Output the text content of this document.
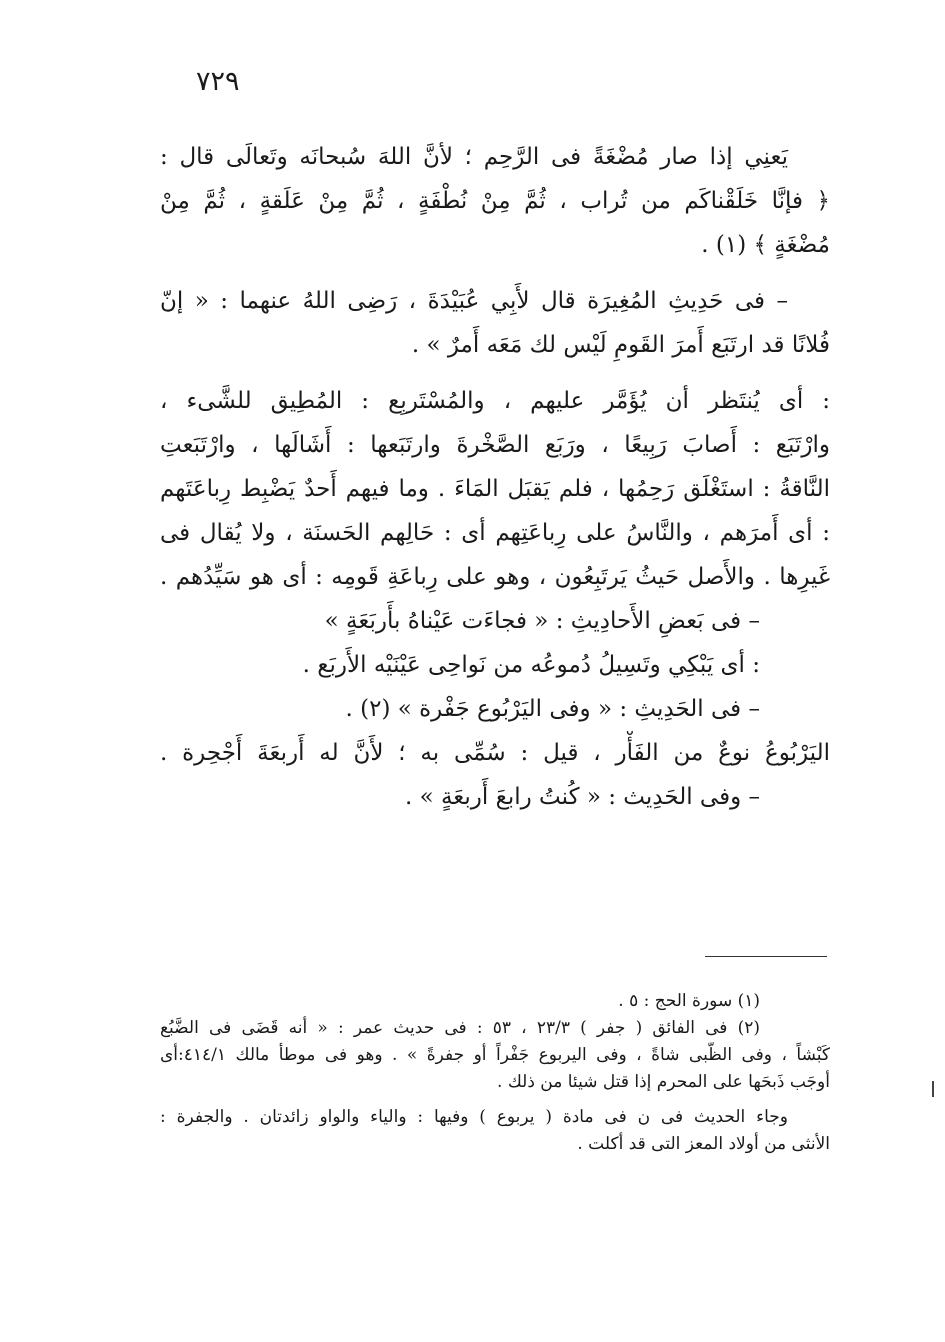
٧٢٩
يَعنِي إذا صار مُضْغَةً فى الرَّحِم ؛ لأنَّ اللهَ سُبحانَه وتَعالَى قال :
﴿ فإنَّا خَلَقْناكَم من تُراب ، ثُمَّ مِنْ نُطْفَةٍ ، ثُمَّ مِنْ عَلَقةٍ ، ثُمَّ مِنْ
مُضْغَةٍ ﴾ (١) .
– فى حَدِيثِ المُغِيرَة قال لأَبِي عُبَيْدَةَ ، رَضِى اللهُ عنهما : « إنّ
فُلانًا قد ارتَبَع أَمرَ القَومِ لَيْس لك مَعَه أَمرٌ » .
: أى يُنتَظر أن يُؤَمَّر عليهم ، والمُسْتَربِع : المُطِيق للشَّىء ،
وارْتَبَع : أَصابَ رَبِيعًا ، ورَبَع الصَّخْرةَ وارتَبَعها : أَشَالَها ، وارْتَبَعتِ
النَّاقةُ : استَغْلَق رَحِمُها ، فلم يَقبَل المَاءَ . وما فيهم أَحدٌ يَضْبِط رِباعَتَهم
: أى أَمرَهم ، والنَّاسُ على رِباعَتِهم أى : حَالِهم الحَسنَة ، ولا يُقال فى
غَيرِها . والأَصل حَيثُ يَرتَبِعُون ، وهو على رِباعَةِ قَومِه : أى هو سَيِّدُهم .
– فى بَعضِ الأَحادِيثِ : « فجاءَت عَيْناهُ بأَربَعَةٍ »
: أى يَبْكِي وتَسِيلُ دُموعُه من نَواحِى عَيْنَيْه الأَربَع .
– فى الحَدِيثِ : « وفى اليَرْبُوع جَفْرة » (٢) .
اليَرْبُوعُ نوعٌ من الفَأْر ، قيل : سُمِّى به ؛ لأَنَّ له أَربعَةَ أَجْحِرة .
– وفى الحَدِيث : « كُنتُ رابعَ أَربعَةٍ » .
(١) سورة الحج : ٥ .
(٢) فى الفائق ( جفر ) ٢٣/٣ ، ٥٣ : فى حديث عمر : « أنه قَضَى فى الضَّبُع
كَبْشاً ، وفى الظَّبى شاةً ، وفى اليربوع جَفْراً أو جفرةً » . وهو فى موطأ مالك ٤١٤/١:أى
أوجَب ذَبحَها على المحرم إذا قتل شيئا من ذلك .
وجاء الحديث فى ن فى مادة ( يربوع ) وفيها : والياء والواو زائدتان . والجفرة :
الأنثى من أولاد المعز التى قد أكلت .
